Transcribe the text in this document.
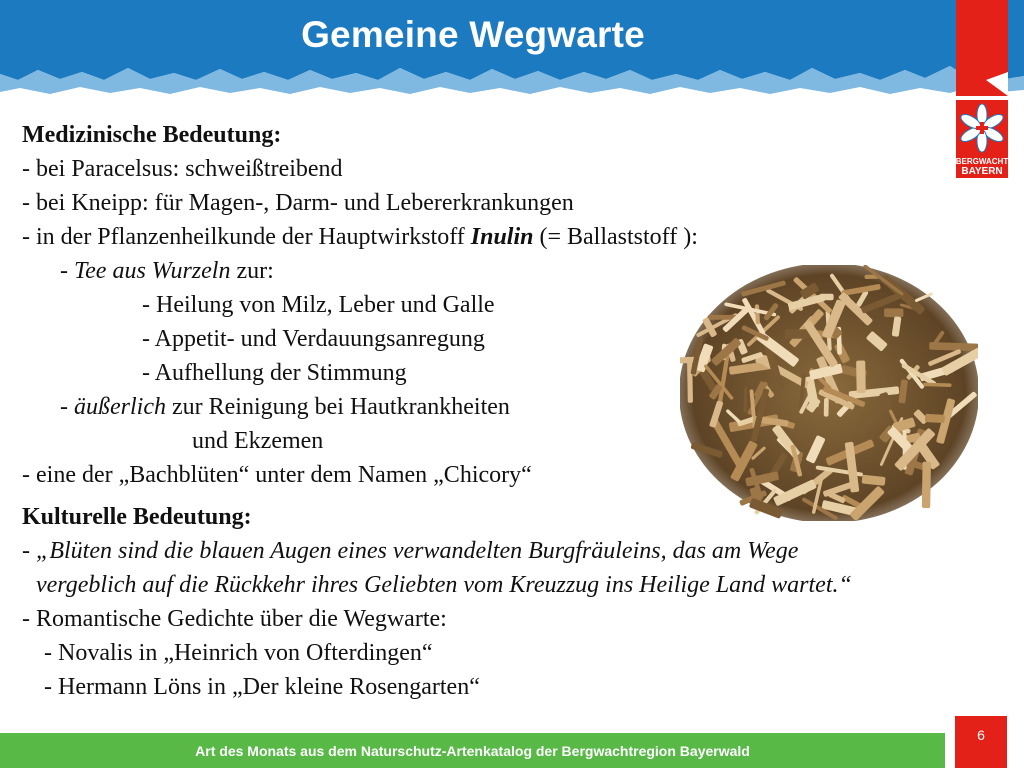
Gemeine Wegwarte
BERGWACHT
BAYERN
Medizinische Bedeutung:
- bei Paracelsus: schweißtreibend
- bei Kneipp: für Magen-, Darm- und Lebererkrankungen
- in der Pflanzenheilkunde der Hauptwirkstoff Inulin (= Ballaststoff ):
- Tee aus Wurzeln zur:
- Heilung von Milz, Leber und Galle
- Appetit- und Verdauungsanregung
- Aufhellung der Stimmung
- äußerlich zur Reinigung bei Hautkrankheiten
und Ekzemen
- eine der „Bachblüten“ unter dem Namen „Chicory“
Kulturelle Bedeutung:
- „Blüten sind die blauen Augen eines verwandelten Burgfräuleins, das am Wege
vergeblich auf die Rückkehr ihres Geliebten vom Kreuzzug ins Heilige Land wartet.“
- Romantische Gedichte über die Wegwarte:
- Novalis in „Heinrich von Ofterdingen“
- Hermann Löns in „Der kleine Rosengarten“
Art des Monats aus dem Naturschutz-Artenkatalog der Bergwachtregion Bayerwald
6
